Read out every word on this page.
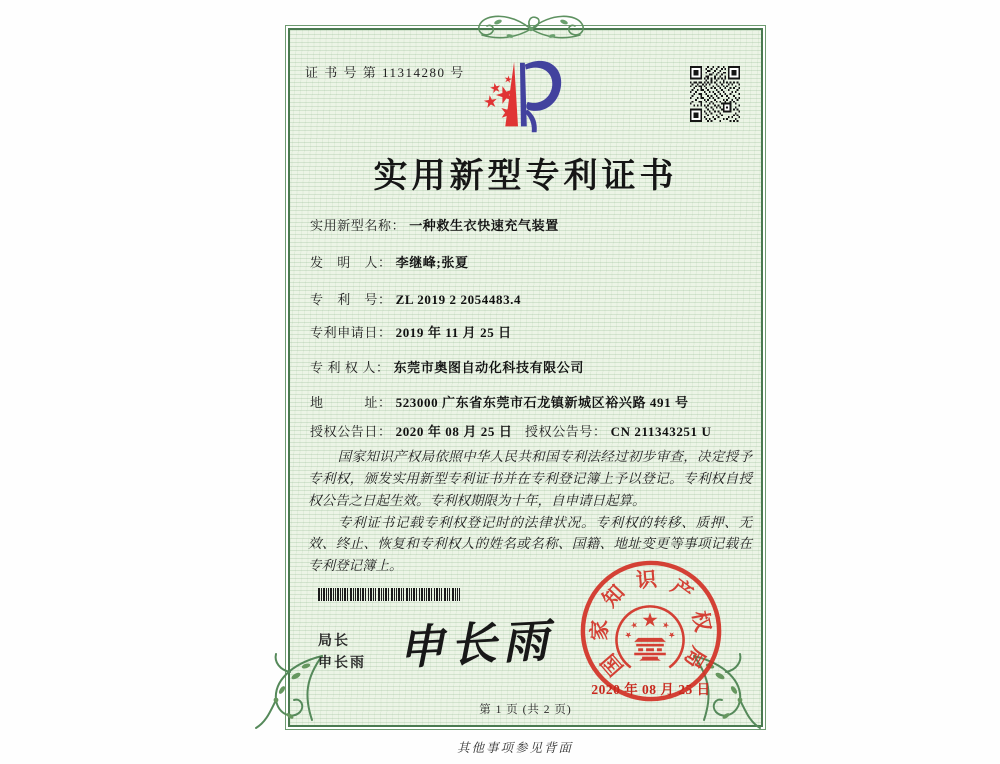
证 书 号 第 11314280 号
实用新型专利证书
实用新型名称： 一种救生衣快速充气装置
发　明　人： 李继峰;张夏
专　利　号： ZL 2019 2 2054483.4
专利申请日： 2019 年 11 月 25 日
专 利 权 人： 东莞市奥图自动化科技有限公司
地　　　址： 523000 广东省东莞市石龙镇新城区裕兴路 491 号
授权公告日： 2020 年 08 月 25 日 授权公告号： CN 211343251 U

国家知识产权局依照中华人民共和国专利法经过初步审查，决定授予专利权，颁发实用新型专利证书并在专利登记簿上予以登记。专利权自授权公告之日起生效。专利权期限为十年，自申请日起算。

专利证书记载专利权登记时的法律状况。专利权的转移、质押、无效、终止、恢复和专利权人的姓名或名称、国籍、地址变更等事项记载在专利登记簿上。

局长
申长雨 申长雨 国
家
知
识 产
权
局
2020 年 08 月 25 日
第 1 页 (共 2 页)
其他事项参见背面
